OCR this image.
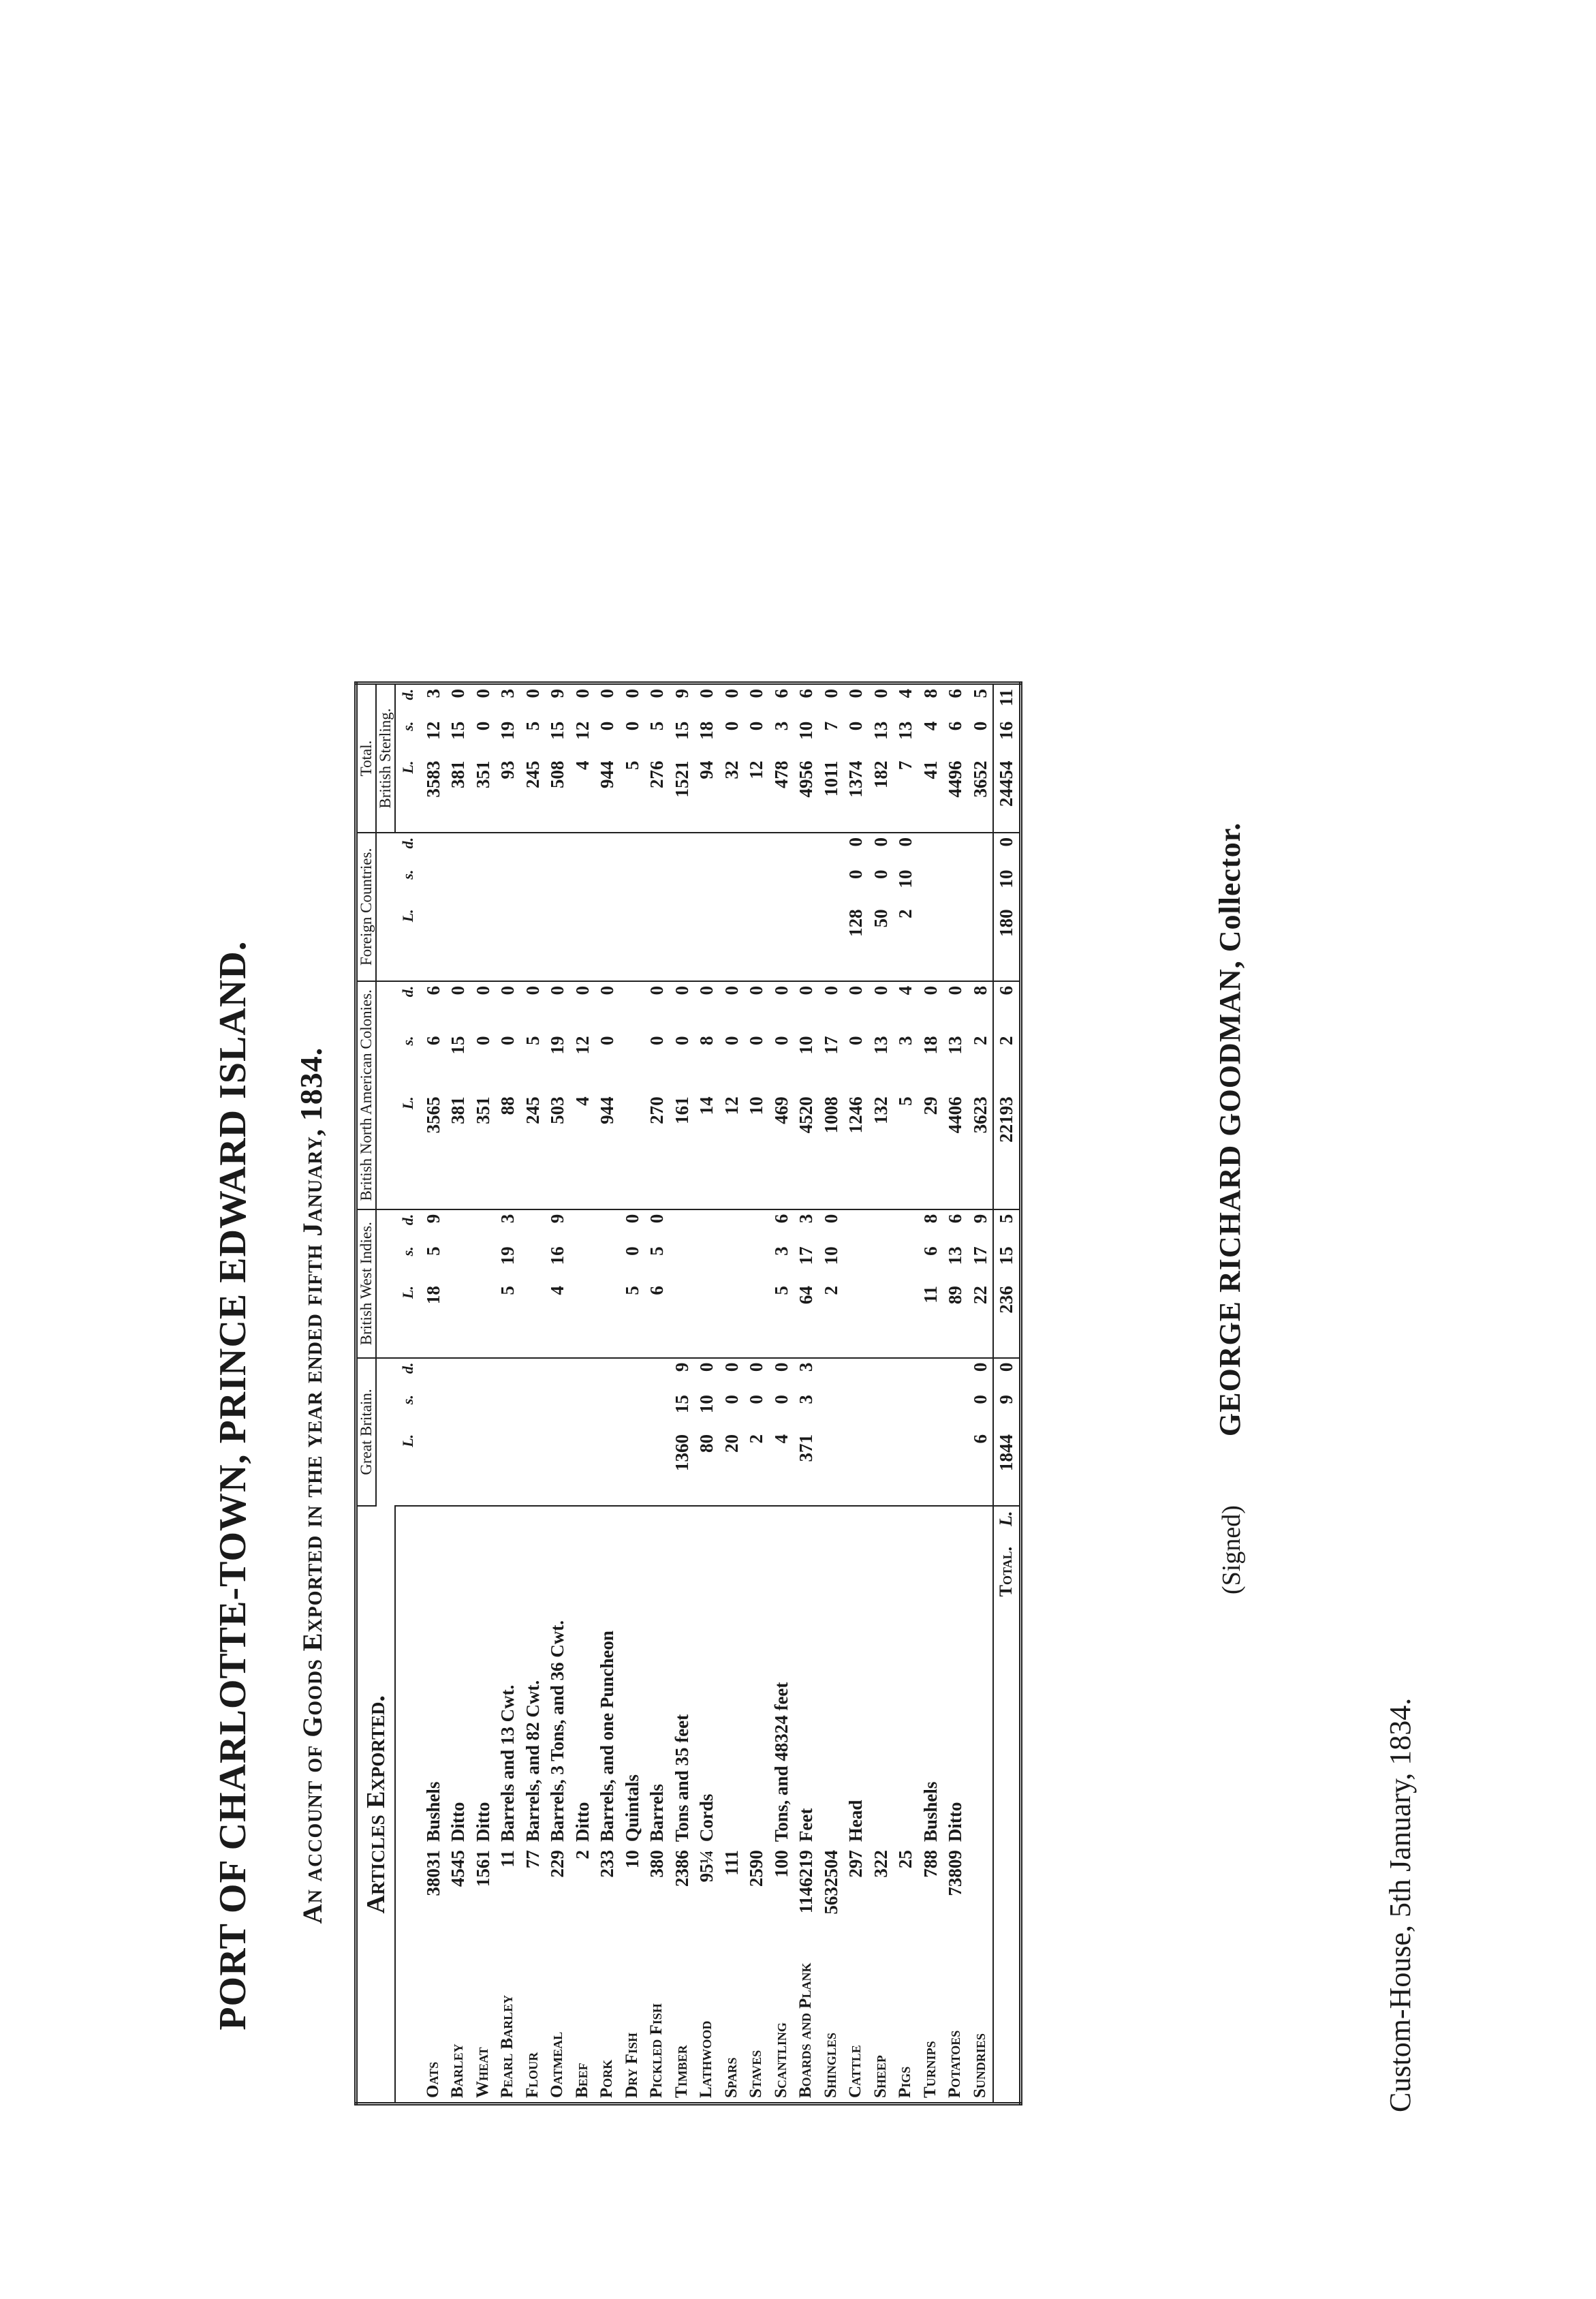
PORT OF CHARLOTTE-TOWN, PRINCE EDWARD ISLAND. An account of Goods Exported in the year ended fifth January, 1834.
Articles Exported.			Great Britain.			British West Indies.			British North American Colonies.			Foreign Countries.			Total.		
															British Sterling.		
			L.	s.	d.	L.	s.	d.	L.	s.	d.	L.	s.	d.	L.	s.	d.
Oats	38031	Bushels				18	5	9	3565	6	6				3583	12	3
Barley	4545	Ditto							381	15	0				381	15	0
Wheat	1561	Ditto							351	0	0				351	0	0
Pearl Barley	11	Barrels and 13 Cwt.				5	19	3	88	0	0				93	19	3
Flour	77	Barrels, and 82 Cwt.							245	5	0				245	5	0
Oatmeal	229	Barrels, 3 Tons, and 36 Cwt.				4	16	9	503	19	0				508	15	9
Beef	2	Ditto							4	12	0				4	12	0
Pork	233	Barrels, and one Puncheon							944	0	0				944	0	0
Dry Fish	10	Quintals				5	0	0							5	0	0
Pickled Fish	380	Barrels				6	5	0	270	0	0				276	5	0
Timber	2386	Tons and 35 feet	1360	15	9				161	0	0				1521	15	9
Lathwood	95¼	Cords	80	10	0				14	8	0				94	18	0
Spars	111		20	0	0				12	0	0				32	0	0
Staves	2590		2	0	0				10	0	0				12	0	0
Scantling	100	Tons, and 48324 feet	4	0	0	5	3	6	469	0	0				478	3	6
Boards and Plank	1146219	Feet	371	3	3	64	17	3	4520	10	0				4956	10	6
Shingles	5632504					2	10	0	1008	17	0				1011	7	0
Cattle	297	Head							1246	0	0	128	0	0	1374	0	0
Sheep	322								132	13	0	50	0	0	182	13	0
Pigs	25								5	3	4	2	10	0	7	13	4
Turnips	788	Bushels				11	6	8	29	18	0				41	4	8
Potatoes	73809	Ditto				89	13	6	4406	13	0				4496	6	6
Sundries			6	0	0	22	17	9	3623	2	8				3652	0	5
Total.L.			1844	9	0	236	15	5	22193	2	6	180	10	0	24454	16	11
(Signed) GEORGE RICHARD GOODMAN, Collector.
Custom-House, 5th January, 1834.
